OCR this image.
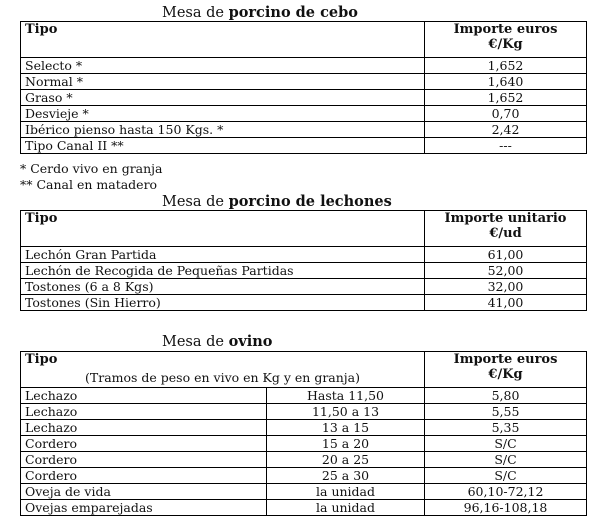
Mesa de porcino de cebo
Tipo	Importe euros
€/Kg
Selecto *	1,652
Normal *	1,640
Graso *	1,652
Desvieje *	0,70
Ibérico pienso hasta 150 Kgs. *	2,42
Tipo Canal II **	---
* Cerdo vivo en granja
** Canal en matadero
Mesa de porcino de lechones
Tipo	Importe unitario
€/ud
Lechón Gran Partida	61,00
Lechón de Recogida de Pequeñas Partidas	52,00
Tostones (6 a 8 Kgs)	32,00
Tostones (Sin Hierro)	41,00
Mesa de ovino
Tipo
(Tramos de peso en vivo en Kg y en granja)		Importe euros
€/Kg
Lechazo	Hasta 11,50	5,80
Lechazo	11,50 a 13	5,55
Lechazo	13 a 15	5,35
Cordero	15 a 20	S/C
Cordero	20 a 25	S/C
Cordero	25 a 30	S/C
Oveja de vida	la unidad	60,10-72,12
Ovejas emparejadas	la unidad	96,16-108,18
